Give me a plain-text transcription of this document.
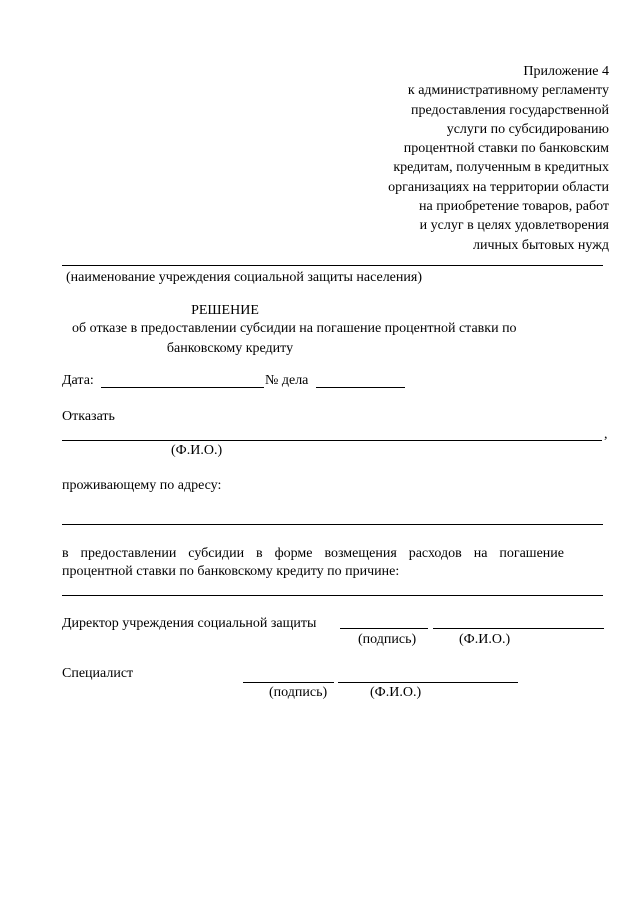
Приложение 4
к административному регламенту
предоставления государственной
услуги по субсидированию
процентной ставки по банковским
кредитам, полученным в кредитных
организациях на территории области
на приобретение товаров, работ
и услуг в целях удовлетворения
личных бытовых нужд
(наименование учреждения социальной защиты населения)
РЕШЕНИЕ
об отказе в предоставлении субсидии на погашение процентной ставки по
банковскому кредиту
Дата:	№ дела
Отказать
,
(Ф.И.О.)
проживающему по адресу:
в предоставлении субсидии в форме возмещения расходов на погашение
процентной ставки по банковскому кредиту по причине:
Директор учреждения социальной защиты
(подпись)	(Ф.И.О.)
Специалист
(подпись)	(Ф.И.О.)
